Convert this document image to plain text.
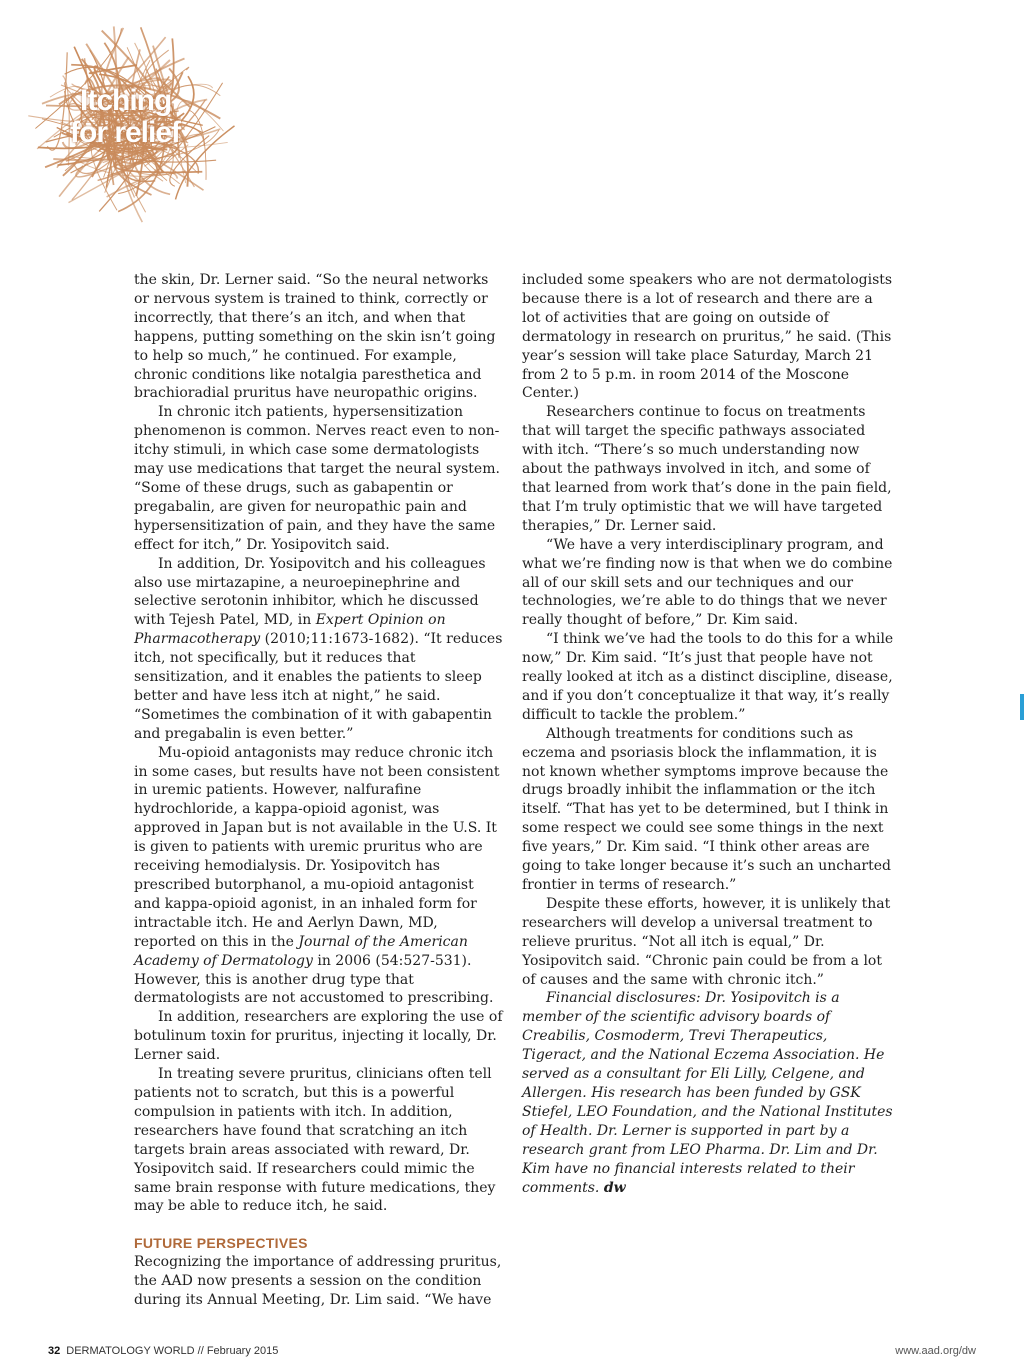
Itching
for relief

the skin, Dr. Lerner said. “So the neural networks or nervous system is trained to think, correctly or incorrectly, that there’s an itch, and when that happens, putting something on the skin isn’t going to help so much,” he continued. For example, chronic conditions like notalgia paresthetica and brachioradial pruritus have neuropathic origins.

In chronic itch patients, hypersensitization phenomenon is common. Nerves react even to non-itchy stimuli, in which case some dermatologists may use medications that target the neural system. “Some of these drugs, such as gabapentin or pregabalin, are given for neuropathic pain and hypersensitization of pain, and they have the same effect for itch,” Dr. Yosipovitch said.

In addition, Dr. Yosipovitch and his colleagues also use mirtazapine, a neuroepinephrine and selective serotonin inhibitor, which he discussed with Tejesh Patel, MD, in Expert Opinion on Pharmacotherapy (2010;11:1673-1682). “It reduces itch, not specifically, but it reduces that sensitization, and it enables the patients to sleep better and have less itch at night,” he said. “Sometimes the combination of it with gabapentin and pregabalin is even better.”

Mu-opioid antagonists may reduce chronic itch in some cases, but results have not been consistent in uremic patients. However, nalfurafine hydrochloride, a kappa-opioid agonist, was approved in Japan but is not available in the U.S. It is given to patients with uremic pruritus who are receiving hemodialysis. Dr. Yosipovitch has prescribed butorphanol, a mu-opioid antagonist and kappa-opioid agonist, in an inhaled form for intractable itch. He and Aerlyn Dawn, MD, reported on this in the Journal of the American Academy of Dermatology in 2006 (54:527-531). However, this is another drug type that dermatologists are not accustomed to prescribing.

In addition, researchers are exploring the use of botulinum toxin for pruritus, injecting it locally, Dr. Lerner said.

In treating severe pruritus, clinicians often tell patients not to scratch, but this is a powerful compulsion in patients with itch. In addition, researchers have found that scratching an itch targets brain areas associated with reward, Dr. Yosipovitch said. If researchers could mimic the same brain response with future medications, they may be able to reduce itch, he said.

FUTURE PERSPECTIVES

Recognizing the importance of addressing pruritus, the AAD now presents a session on the condition during its Annual Meeting, Dr. Lim said. “We have

included some speakers who are not dermatologists because there is a lot of research and there are a lot of activities that are going on outside of dermatology in research on pruritus,” he said. (This year’s session will take place Saturday, March 21 from 2 to 5 p.m. in room 2014 of the Moscone Center.)

Researchers continue to focus on treatments that will target the specific pathways associated with itch. “There’s so much understanding now about the pathways involved in itch, and some of that learned from work that’s done in the pain field, that I’m truly optimistic that we will have targeted therapies,” Dr. Lerner said.

“We have a very interdisciplinary program, and what we’re finding now is that when we do combine all of our skill sets and our techniques and our technologies, we’re able to do things that we never really thought of before,” Dr. Kim said.

“I think we’ve had the tools to do this for a while now,” Dr. Kim said. “It’s just that people have not really looked at itch as a distinct discipline, disease, and if you don’t conceptualize it that way, it’s really difficult to tackle the problem.”

Although treatments for conditions such as eczema and psoriasis block the inflammation, it is not known whether symptoms improve because the drugs broadly inhibit the inflammation or the itch itself. “That has yet to be determined, but I think in some respect we could see some things in the next five years,” Dr. Kim said. “I think other areas are going to take longer because it’s such an uncharted frontier in terms of research.”

Despite these efforts, however, it is unlikely that researchers will develop a universal treatment to relieve pruritus. “Not all itch is equal,” Dr. Yosipovitch said. “Chronic pain could be from a lot of causes and the same with chronic itch.”

Financial disclosures: Dr. Yosipovitch is a member of the scientific advisory boards of Creabilis, Cosmoderm, Trevi Therapeutics, Tigeract, and the National Eczema Association. He served as a consultant for Eli Lilly, Celgene, and Allergen. His research has been funded by GSK Stiefel, LEO Foundation, and the National Institutes of Health. Dr. Lerner is supported in part by a research grant from LEO Pharma. Dr. Lim and Dr. Kim have no financial interests related to their comments. dw

32 DERMATOLOGY WORLD // February 2015	www.aad.org/dw
